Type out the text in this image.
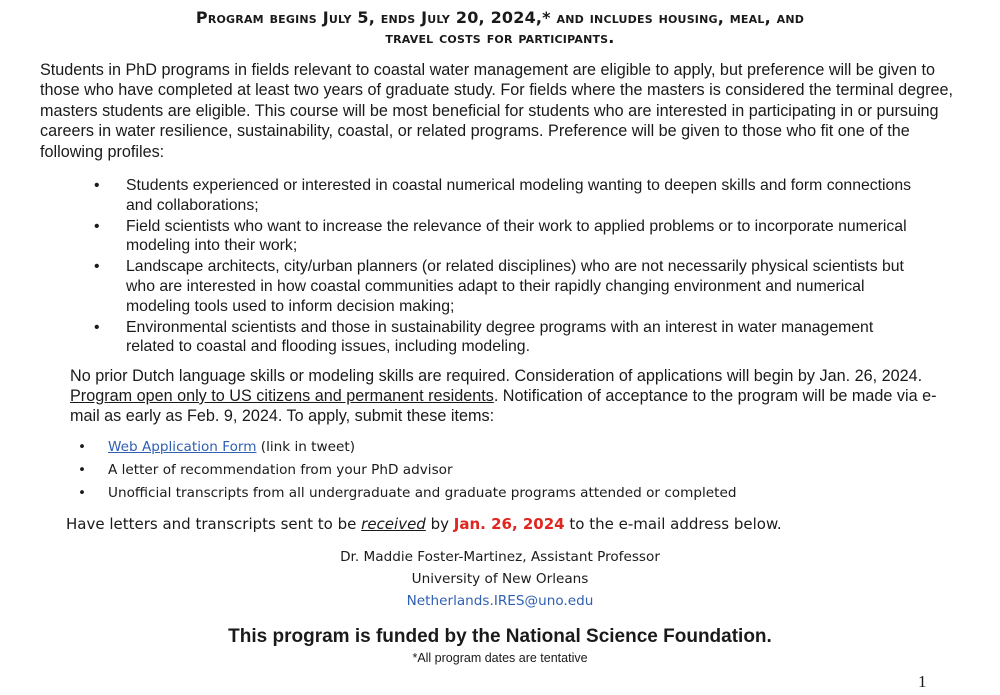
Program begins July 5, ends July 20, 2024,* and includes housing, meal, and
travel costs for participants.

Students in PhD programs in fields relevant to coastal water management are eligible to apply, but preference will be given to those who have completed at least two years of graduate study. For fields where the masters is considered the terminal degree, masters students are eligible. This course will be most beneficial for students who are interested in participating in or pursuing careers in water resilience, sustainability, coastal, or related programs. Preference will be given to those who fit one of the following profiles:

• Students experienced or interested in coastal numerical modeling wanting to deepen skills and form connections and collaborations;
• Field scientists who want to increase the relevance of their work to applied problems or to incorporate numerical modeling into their work;
• Landscape architects, city/urban planners (or related disciplines) who are not necessarily physical scientists but who are interested in how coastal communities adapt to their rapidly changing environment and numerical modeling tools used to inform decision making;
• Environmental scientists and those in sustainability degree programs with an interest in water management related to coastal and flooding issues, including modeling.

No prior Dutch language skills or modeling skills are required. Consideration of applications will begin by Jan. 26, 2024. Program open only to US citizens and permanent residents. Notification of acceptance to the program will be made via e-mail as early as Feb. 9, 2024. To apply, submit these items:

• Web Application Form (link in tweet)
• A letter of recommendation from your PhD advisor
• Unofficial transcripts from all undergraduate and graduate programs attended or completed
Have letters and transcripts sent to be received by Jan. 26, 2024 to the e-mail address below.
Dr. Maddie Foster-Martinez, Assistant Professor
University of New Orleans
Netherlands.IRES@uno.edu
This program is funded by the National Science Foundation.
*All program dates are tentative
1
